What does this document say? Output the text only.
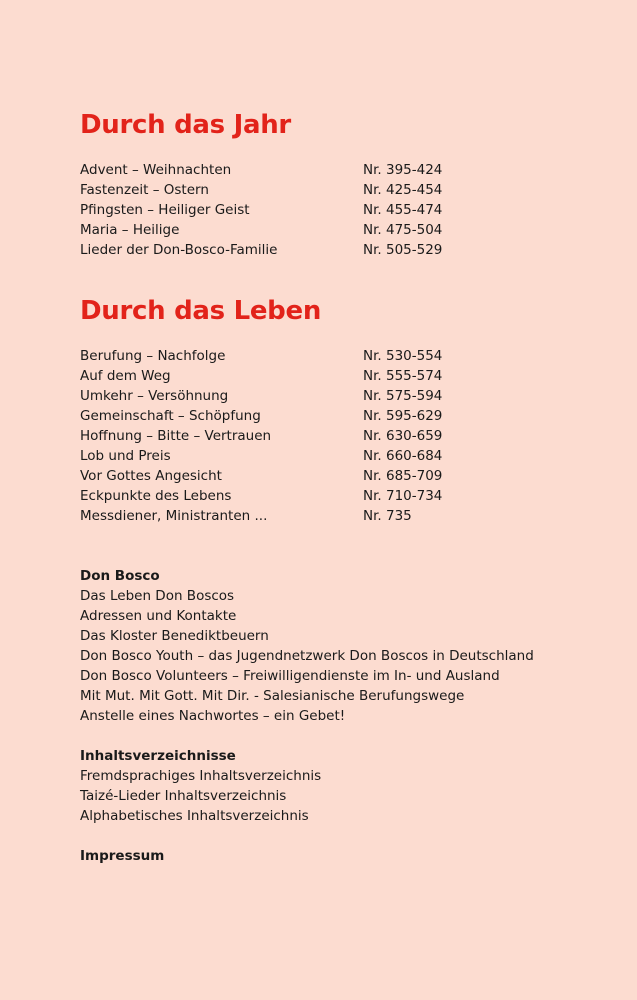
Durch das Jahr
Advent – Weihnachten	Nr. 395-424
Fastenzeit – Ostern	Nr. 425-454
Pfingsten – Heiliger Geist	Nr. 455-474
Maria – Heilige	Nr. 475-504
Lieder der Don-Bosco-Familie	Nr. 505-529
Durch das Leben
Berufung – Nachfolge	Nr. 530-554
Auf dem Weg	Nr. 555-574
Umkehr – Versöhnung	Nr. 575-594
Gemeinschaft – Schöpfung	Nr. 595-629
Hoffnung – Bitte – Vertrauen	Nr. 630-659
Lob und Preis	Nr. 660-684
Vor Gottes Angesicht	Nr. 685-709
Eckpunkte des Lebens	Nr. 710-734
Messdiener, Ministranten ...	Nr. 735
Don Bosco
Das Leben Don Boscos
Adressen und Kontakte
Das Kloster Benediktbeuern
Don Bosco Youth – das Jugendnetzwerk Don Boscos in Deutschland
Don Bosco Volunteers – Freiwilligendienste im In- und Ausland
Mit Mut. Mit Gott. Mit Dir. - Salesianische Berufungswege
Anstelle eines Nachwortes – ein Gebet!
Inhaltsverzeichnisse
Fremdsprachiges Inhaltsverzeichnis
Taizé-Lieder Inhaltsverzeichnis
Alphabetisches Inhaltsverzeichnis
Impressum
